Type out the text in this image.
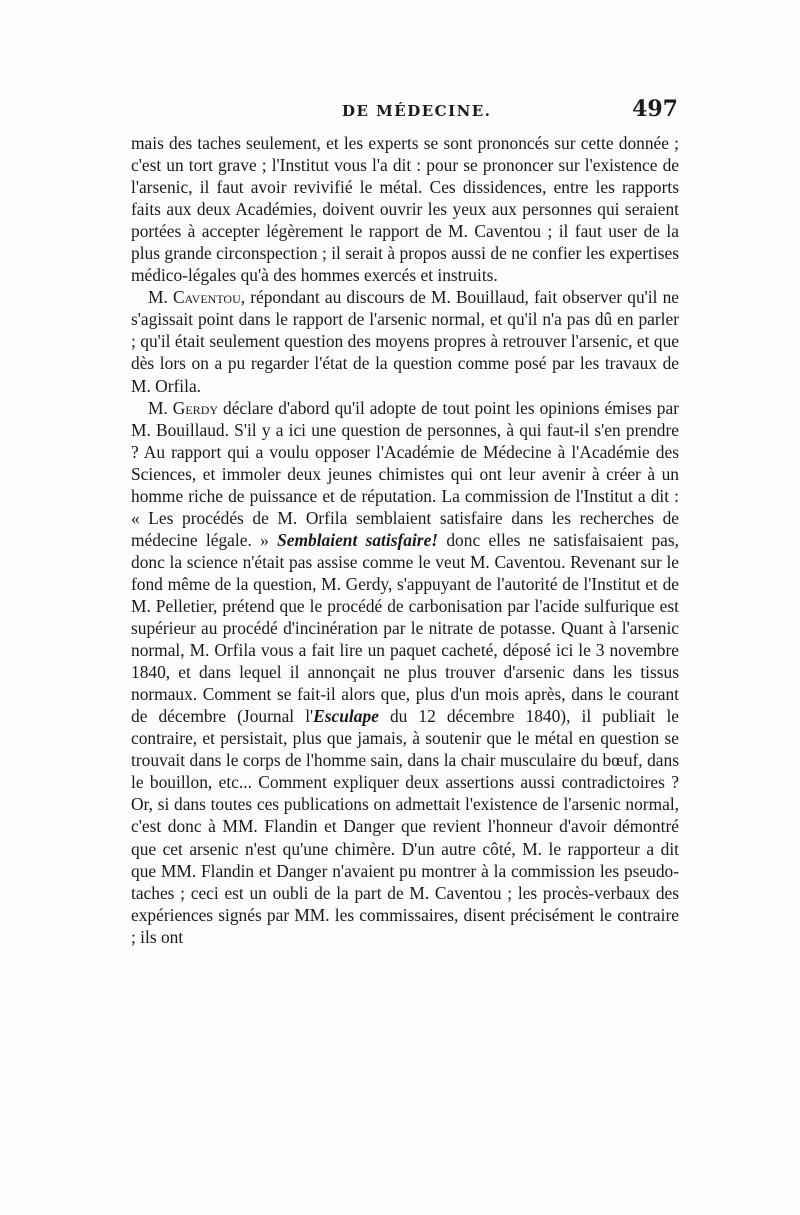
DE MÉDECINE.	497

mais des taches seulement, et les experts se sont prononcés sur cette donnée ; c'est un tort grave ; l'Institut vous l'a dit : pour se prononcer sur l'existence de l'arsenic, il faut avoir revivifié le métal. Ces dissidences, entre les rapports faits aux deux Académies, doivent ouvrir les yeux aux personnes qui seraient portées à accepter légèrement le rapport de M. Caventou ; il faut user de la plus grande circonspection ; il serait à propos aussi de ne confier les expertises médico-légales qu'à des hommes exercés et instruits.

M. Caventou, répondant au discours de M. Bouillaud, fait observer qu'il ne s'agissait point dans le rapport de l'arsenic normal, et qu'il n'a pas dû en parler ; qu'il était seulement question des moyens propres à retrouver l'arsenic, et que dès lors on a pu regarder l'état de la question comme posé par les travaux de M. Orfila.

M. Gerdy déclare d'abord qu'il adopte de tout point les opinions émises par M. Bouillaud. S'il y a ici une question de personnes, à qui faut-il s'en prendre ? Au rapport qui a voulu opposer l'Académie de Médecine à l'Académie des Sciences, et immoler deux jeunes chimistes qui ont leur avenir à créer à un homme riche de puissance et de réputation. La commission de l'Institut a dit : « Les procédés de M. Orfila semblaient satisfaire dans les recherches de médecine légale. » Semblaient satisfaire! donc elles ne satisfaisaient pas, donc la science n'était pas assise comme le veut M. Caventou. Revenant sur le fond même de la question, M. Gerdy, s'appuyant de l'autorité de l'Institut et de M. Pelletier, prétend que le procédé de carbonisation par l'acide sulfurique est supérieur au procédé d'incinération par le nitrate de potasse. Quant à l'arsenic normal, M. Orfila vous a fait lire un paquet cacheté, déposé ici le 3 novembre 1840, et dans lequel il annonçait ne plus trouver d'arsenic dans les tissus normaux. Comment se fait-il alors que, plus d'un mois après, dans le courant de décembre (Journal l'Esculape du 12 décembre 1840), il publiait le contraire, et persistait, plus que jamais, à soutenir que le métal en question se trouvait dans le corps de l'homme sain, dans la chair musculaire du bœuf, dans le bouillon, etc... Comment expliquer deux assertions aussi contradictoires ? Or, si dans toutes ces publications on admettait l'existence de l'arsenic normal, c'est donc à MM. Flandin et Danger que revient l'honneur d'avoir démontré que cet arsenic n'est qu'une chimère. D'un autre côté, M. le rapporteur a dit que MM. Flandin et Danger n'avaient pu montrer à la commission les pseudo-taches ; ceci est un oubli de la part de M. Caventou ; les procès-verbaux des expériences signés par MM. les commissaires, disent précisément le contraire ; ils ont
